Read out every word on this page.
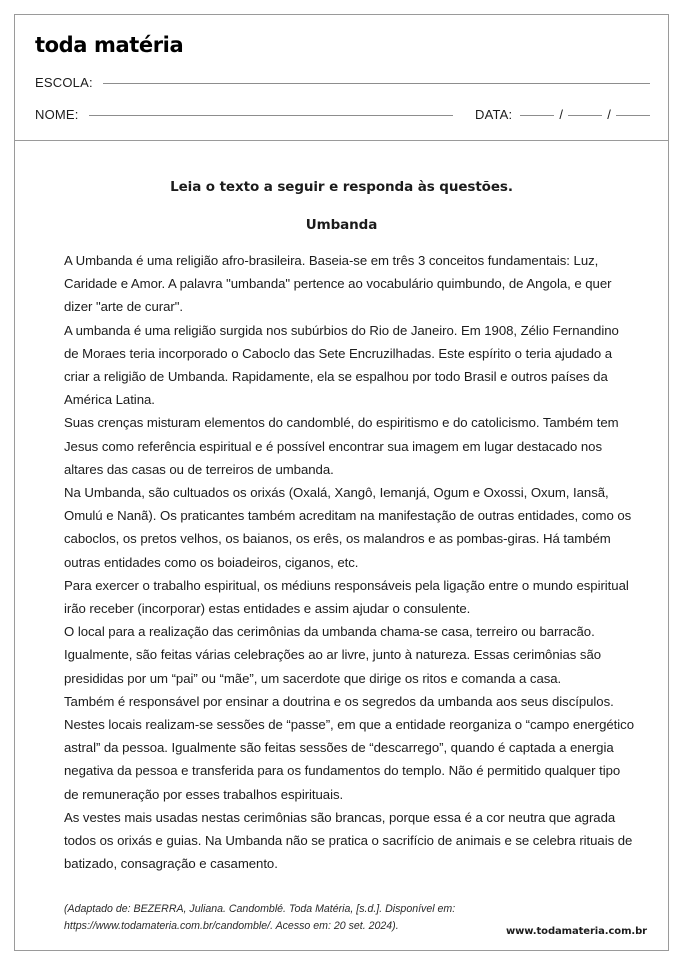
toda matéria
ESCOLA:
NOME:	DATA:	/	/
Leia o texto a seguir e responda às questões.
Umbanda

A Umbanda é uma religião afro-brasileira. Baseia-se em três 3 conceitos fundamentais: Luz, Caridade e Amor. A palavra "umbanda" pertence ao vocabulário quimbundo, de Angola, e quer dizer "arte de curar".

A umbanda é uma religião surgida nos subúrbios do Rio de Janeiro. Em 1908, Zélio Fernandino de Moraes teria incorporado o Caboclo das Sete Encruzilhadas. Este espírito o teria ajudado a criar a religião de Umbanda. Rapidamente, ela se espalhou por todo Brasil e outros países da América Latina.

Suas crenças misturam elementos do candomblé, do espiritismo e do catolicismo. Também tem Jesus como referência espiritual e é possível encontrar sua imagem em lugar destacado nos altares das casas ou de terreiros de umbanda.

Na Umbanda, são cultuados os orixás (Oxalá, Xangô, Iemanjá, Ogum e Oxossi, Oxum, Iansã, Omulú e Nanã). Os praticantes também acreditam na manifestação de outras entidades, como os caboclos, os pretos velhos, os baianos, os erês, os malandros e as pombas-giras. Há também outras entidades como os boiadeiros, ciganos, etc.

Para exercer o trabalho espiritual, os médiuns responsáveis pela ligação entre o mundo espiritual irão receber (incorporar) estas entidades e assim ajudar o consulente.

O local para a realização das cerimônias da umbanda chama-se casa, terreiro ou barracão. Igualmente, são feitas várias celebrações ao ar livre, junto à natureza. Essas cerimônias são presididas por um “pai” ou “mãe”, um sacerdote que dirige os ritos e comanda a casa.

Também é responsável por ensinar a doutrina e os segredos da umbanda aos seus discípulos. Nestes locais realizam-se sessões de “passe”, em que a entidade reorganiza o “campo energético astral” da pessoa. Igualmente são feitas sessões de “descarrego”, quando é captada a energia negativa da pessoa e transferida para os fundamentos do templo. Não é permitido qualquer tipo de remuneração por esses trabalhos espirituais.

As vestes mais usadas nestas cerimônias são brancas, porque essa é a cor neutra que agrada todos os orixás e guias. Na Umbanda não se pratica o sacrifício de animais e se celebra rituais de batizado, consagração e casamento.

(Adaptado de: BEZERRA, Juliana. Candomblé. Toda Matéria, [s.d.]. Disponível em: https://www.todamateria.com.br/candomble/. Acesso em: 20 set. 2024).	www.todamateria.com.br
